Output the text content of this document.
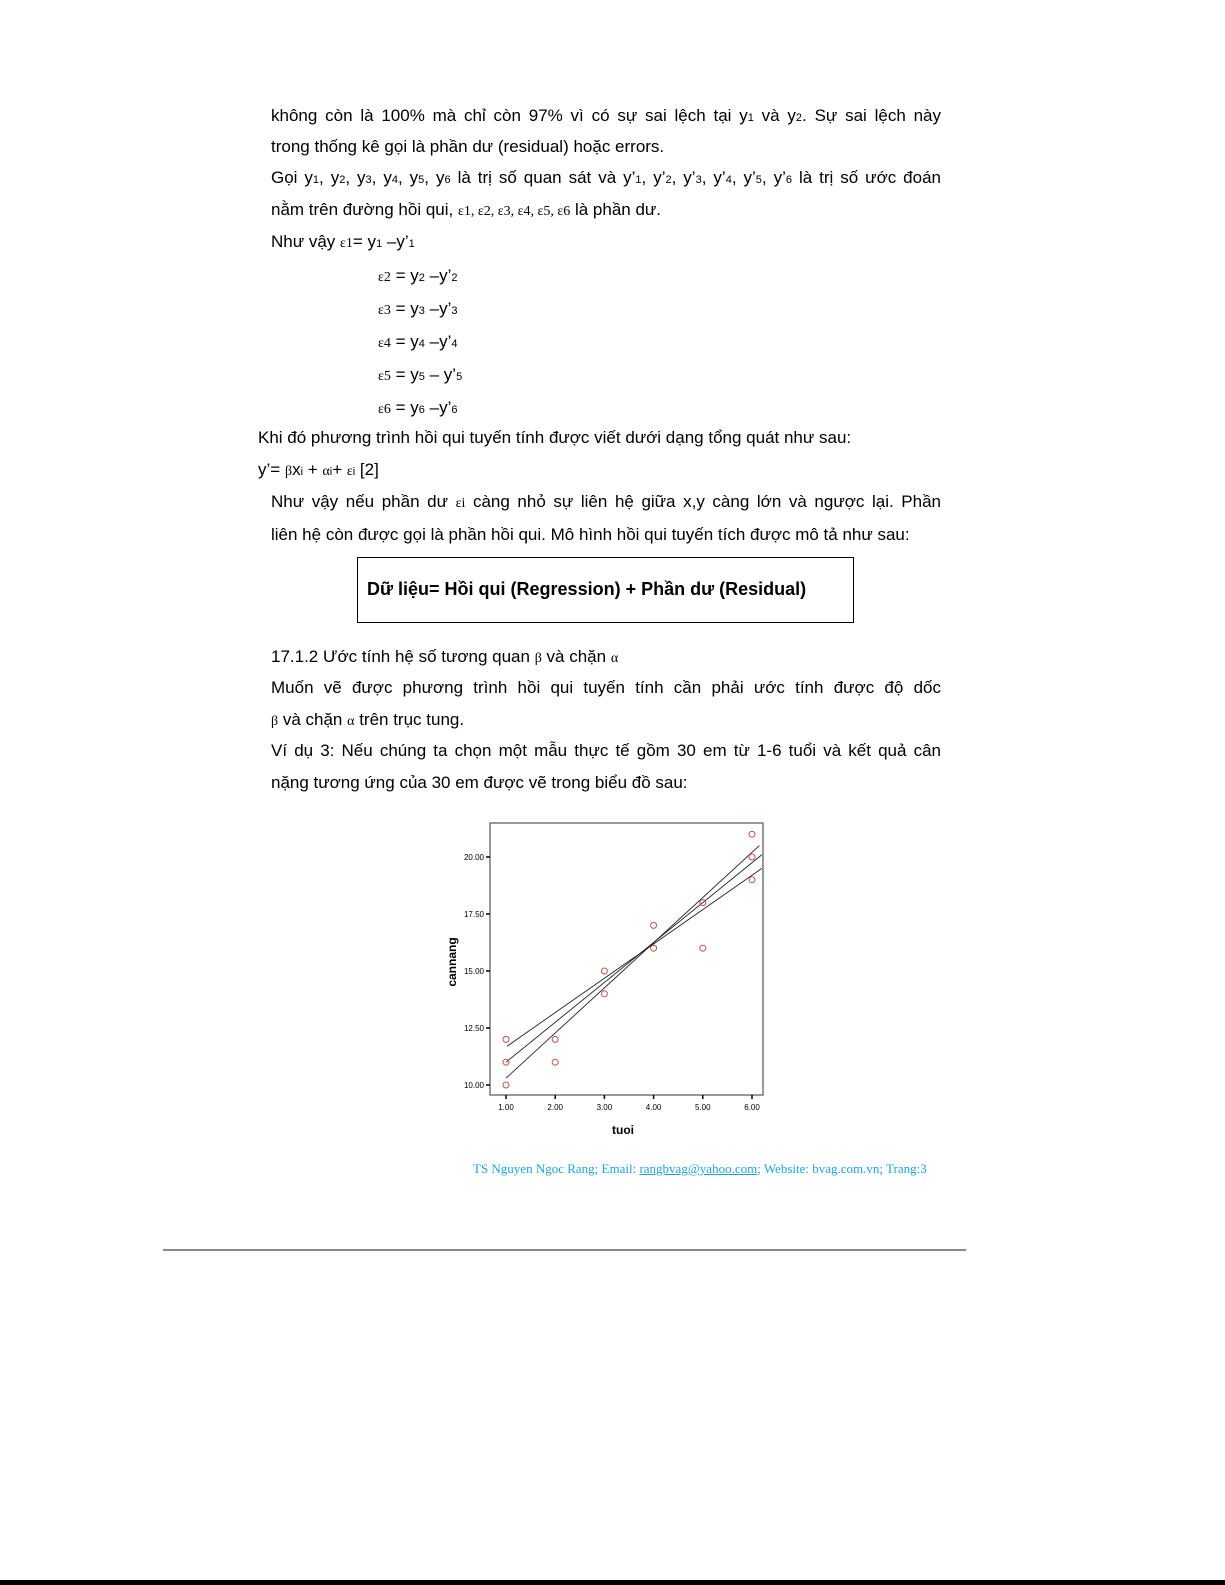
không còn là 100% mà chỉ còn 97% vì có sự sai lệch tại y1 và y2. Sự sai lệch này
trong thống kê gọi là phần dư (residual) hoặc errors.
Gọi y1, y2, y3, y4, y5, y6 là trị số quan sát và y’1, y’2, y’3, y’4, y’5, y’6 là trị số ước đoán
nằm trên đường hồi qui, ε1, ε2, ε3, ε4, ε5, ε6 là phần dư.
Như vậy ε1= y1 –y’1
ε2 = y2 –y’2
ε3 = y3 –y’3
ε4 = y4 –y’4
ε5 = y5 – y’5
ε6 = y6 –y’6
Khi đó phương trình hồi qui tuyến tính được viết dưới dạng tổng quát như sau:
y’= βxi + αi+ εi [2]
Như vậy nếu phần dư εi càng nhỏ sự liên hệ giữa x,y càng lớn và ngược lại. Phần
liên hệ còn được gọi là phần hồi qui. Mô hình hồi qui tuyến tích được mô tả như sau:
Dữ liệu= Hồi qui (Regression) + Phần dư (Residual)
17.1.2 Ước tính hệ số tương quan β và chặn α
Muốn vẽ được phương trình hồi qui tuyến tính cần phải ước tính được độ dốc
β và chặn α trên trục tung.
Ví dụ 3: Nếu chúng ta chọn một mẫu thực tế gồm 30 em từ 1-6 tuổi và kết quả cân
nặng tương ứng của 30 em được vẽ trong biểu đồ sau:
10.00
12.50
15.00
17.50
20.00
1.00	2.00	3.00	4.00	5.00	6.00
tuoi
cannang
TS Nguyen Ngoc Rang; Email: rangbvag@yahoo.com; Website: bvag.com.vn; Trang:3
